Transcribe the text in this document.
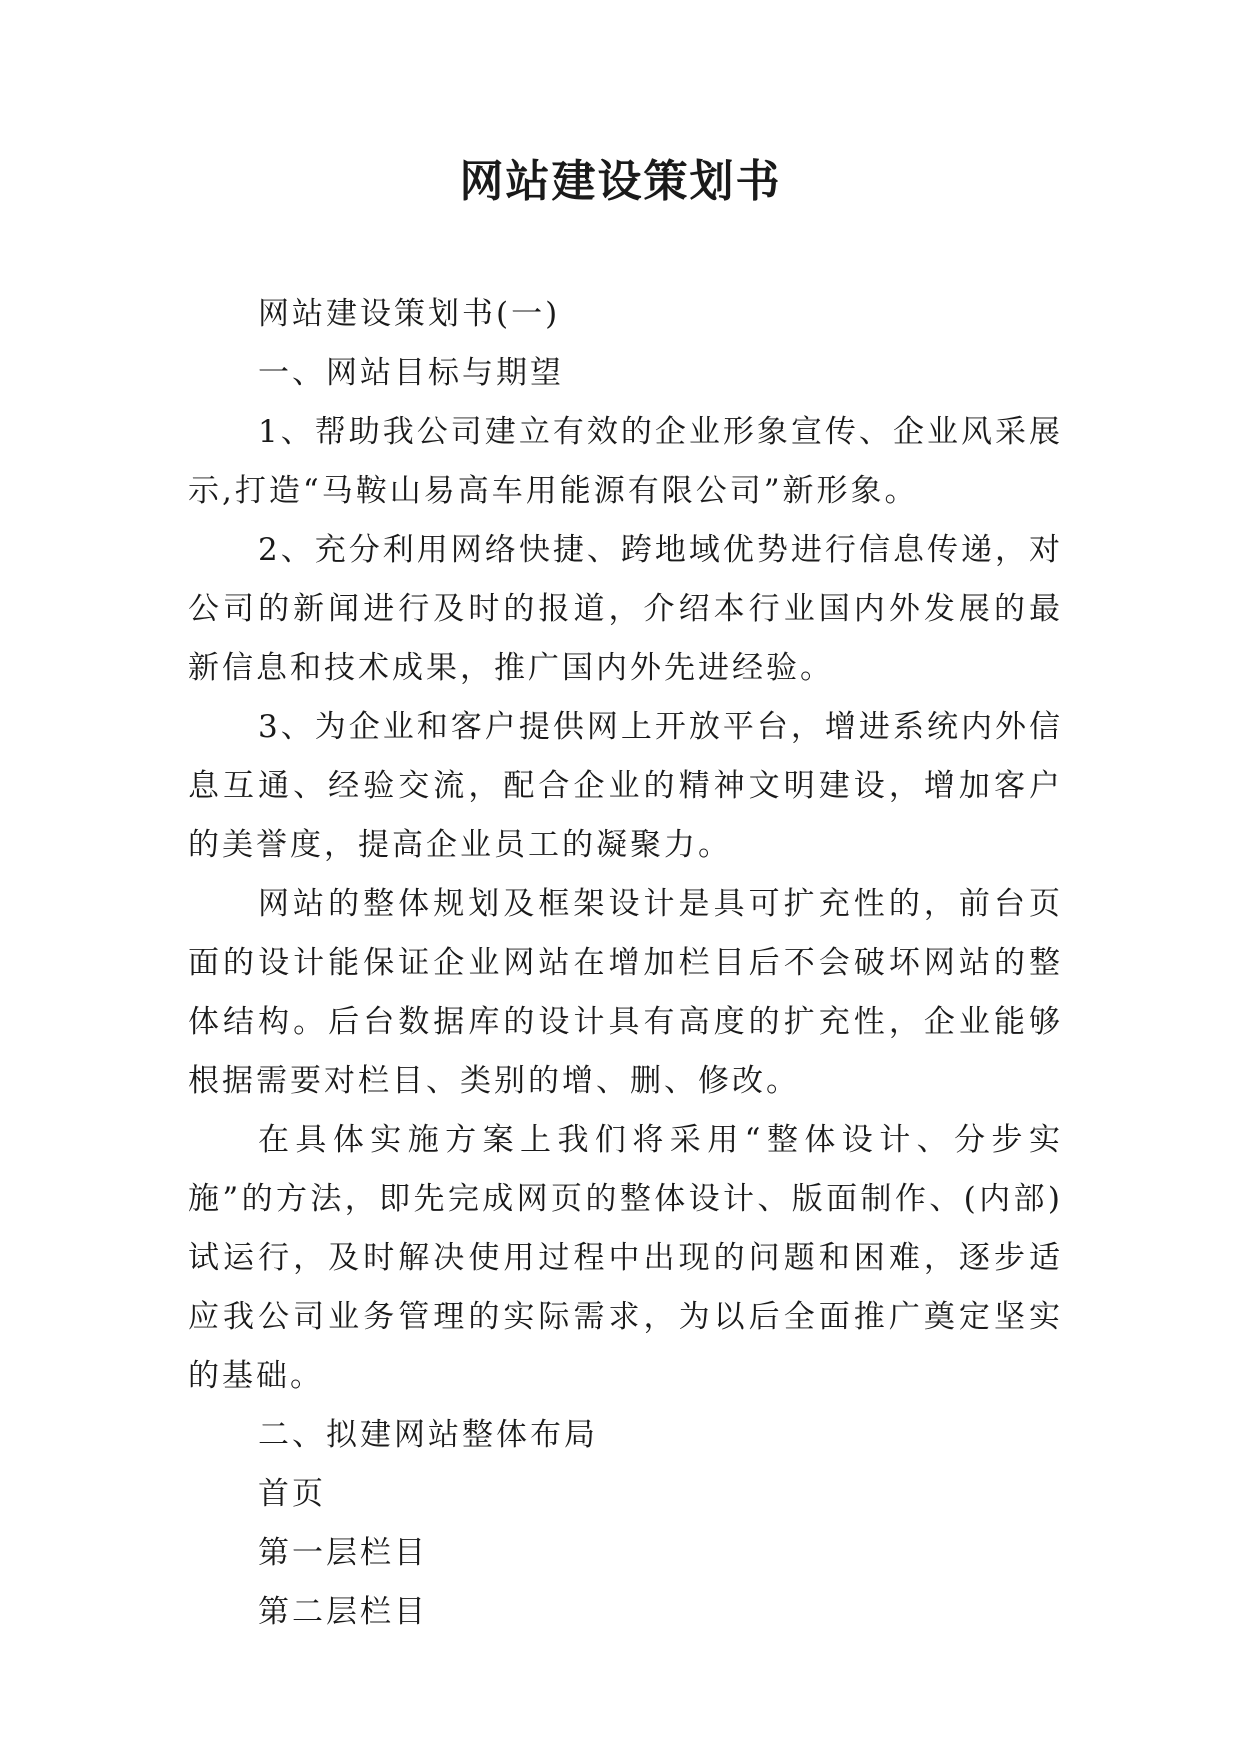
网站建设策划书

网站建设策划书(一)

一、网站目标与期望

1、帮助我公司建立有效的企业形象宣传、企业风采展示,打造“马鞍山易高车用能源有限公司”新形象。

2、充分利用网络快捷、跨地域优势进行信息传递，对公司的新闻进行及时的报道，介绍本行业国内外发展的最新信息和技术成果，推广国内外先进经验。

3、为企业和客户提供网上开放平台，增进系统内外信息互通、经验交流，配合企业的精神文明建设，增加客户的美誉度，提高企业员工的凝聚力。

网站的整体规划及框架设计是具可扩充性的，前台页面的设计能保证企业网站在增加栏目后不会破坏网站的整体结构。后台数据库的设计具有高度的扩充性，企业能够根据需要对栏目、类别的增、删、修改。

在具体实施方案上我们将采用“整体设计、分步实施”的方法，即先完成网页的整体设计、版面制作、(内部)试运行，及时解决使用过程中出现的问题和困难，逐步适应我公司业务管理的实际需求，为以后全面推广奠定坚实的基础。

二、拟建网站整体布局

首页

第一层栏目

第二层栏目
